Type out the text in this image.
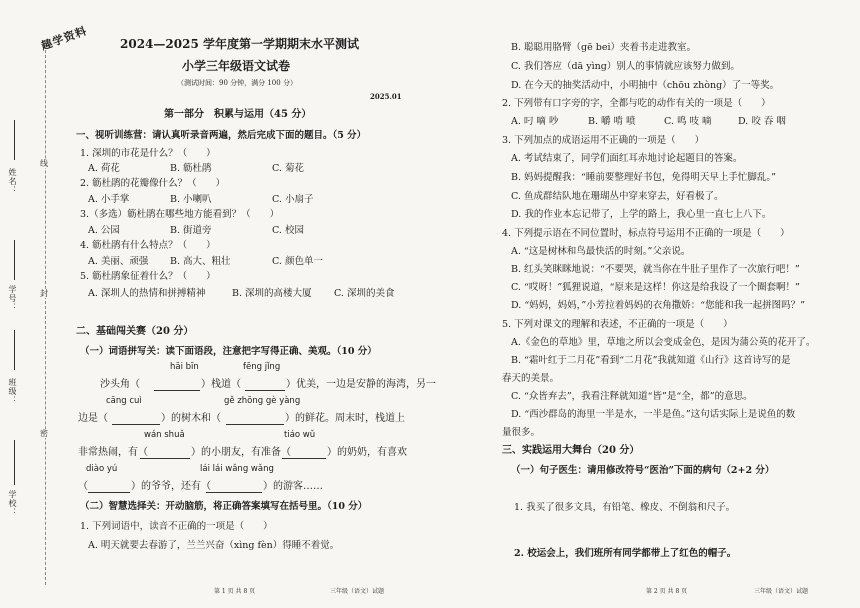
趣学资料
姓名：
学号：
班级：
学校：
线
封
密
2024—2025 学年度第一学期期末水平测试
小学三年级语文试卷
（测试时间：90 分钟，满分 100 分）
2025.01
第一部分　积累与运用（45 分）
一、视听训练营：请认真听录音两遍，然后完成下面的题目。（5 分）
1. 深圳的市花是什么？（　　）
A. 荷花	B. 簕杜鹃	C. 菊花
2. 簕杜鹃的花瓣像什么？（　　）
A. 小手掌	B. 小喇叭	C. 小扇子
3.（多选）簕杜鹃在哪些地方能看到？（　　）
A. 公园	B. 街道旁	C. 校园
4. 簕杜鹃有什么特点？（　　）
A. 美丽、顽强 B. 高大、粗壮	C. 颜色单一
5. 簕杜鹃象征着什么？（　　）
A. 深圳人的热情和拼搏精神	B. 深圳的高楼大厦 C. 深圳的美食
二、基础闯关赛（20 分）
（一）词语拼写关：读下面语段，注意把字写得正确、美观。（10 分）
hāi bīn	fēng jǐng
沙头角（	）栈道（	）优美，一边是安静的海湾，另一
cāng cuì	gě zhōng gè yàng
边是（	）的树木和（	）的鲜花。周末时，栈道上
wán shuǎ	tiáo wǔ
非常热闹，有（	）的小朋友，有准备（	）的奶奶，有喜欢
diào yú	lái lái wǎng wǎng
（	）的爷爷，还有（	）的游客……
（二）智慧选择关：开动脑筋，将正确答案填写在括号里。（10 分）
1. 下列词语中，读音不正确的一项是（　　）
A. 明天就要去春游了，兰兰兴奋（xìng fèn）得睡不着觉。
B. 聪聪用胳臂（gē bei）夹着书走进教室。
C. 我们答应（dā yìng）别人的事情就应该努力做到。
D. 在今天的抽奖活动中，小明抽中（chōu zhòng）了一等奖。
2. 下列带有口字旁的字，全都与吃的动作有关的一项是（　　）
A. 叼 嘀 吵	B. 嚼 啃 喷	C. 鸣 吱 嘀	D. 咬 吞 咽
3. 下列加点的成语运用不正确的一项是（　　）
A. 考试结束了，同学们面红耳赤地讨论起题目的答案。
B. 妈妈提醒我：“睡前要整理好书包，免得明天早上手忙脚乱。”
C. 鱼成群结队地在珊瑚丛中穿来穿去，好看极了。
D. 我的作业本忘记带了，上学的路上，我心里一直七上八下。
4. 下列提示语在不同位置时，标点符号运用不正确的一项是（　　）
A. “这是树林和鸟最快活的时刻。”父亲说。
B. 红头笑眯眯地说：“不要哭，就当你在牛肚子里作了一次旅行吧！”
C. “哎呀！”狐狸说道，“原来是这样！你这是给我设了一个圈套啊！”
D. “妈妈，妈妈，”小芳拉着妈妈的衣角撒娇：“您能和我一起拼图吗？”
5. 下列对课文的理解和表述，不正确的一项是（　　）
A.《金色的草地》里，草地之所以会变成金色，是因为蒲公英的花开了。
B. “霜叶红于二月花”看到“二月花”我就知道《山行》这首诗写的是
春天的美景。
C. “众皆弃去”，我看注释就知道“皆”是“全，都”的意思。
D. “西沙群岛的海里一半是水，一半是鱼。”这句话实际上是说鱼的数
量很多。
三、实践运用大舞台（20 分）
（一）句子医生：请用修改符号“医治”下面的病句（2+2 分）
1. 我买了很多文具，有铅笔、橡皮、不倒翁和尺子。
2. 校运会上，我们班所有同学都带上了红色的帽子。
第 1 页 共 8 页	三年级（语文）试题	第 2 页 共 8 页	三年级（语文）试题
